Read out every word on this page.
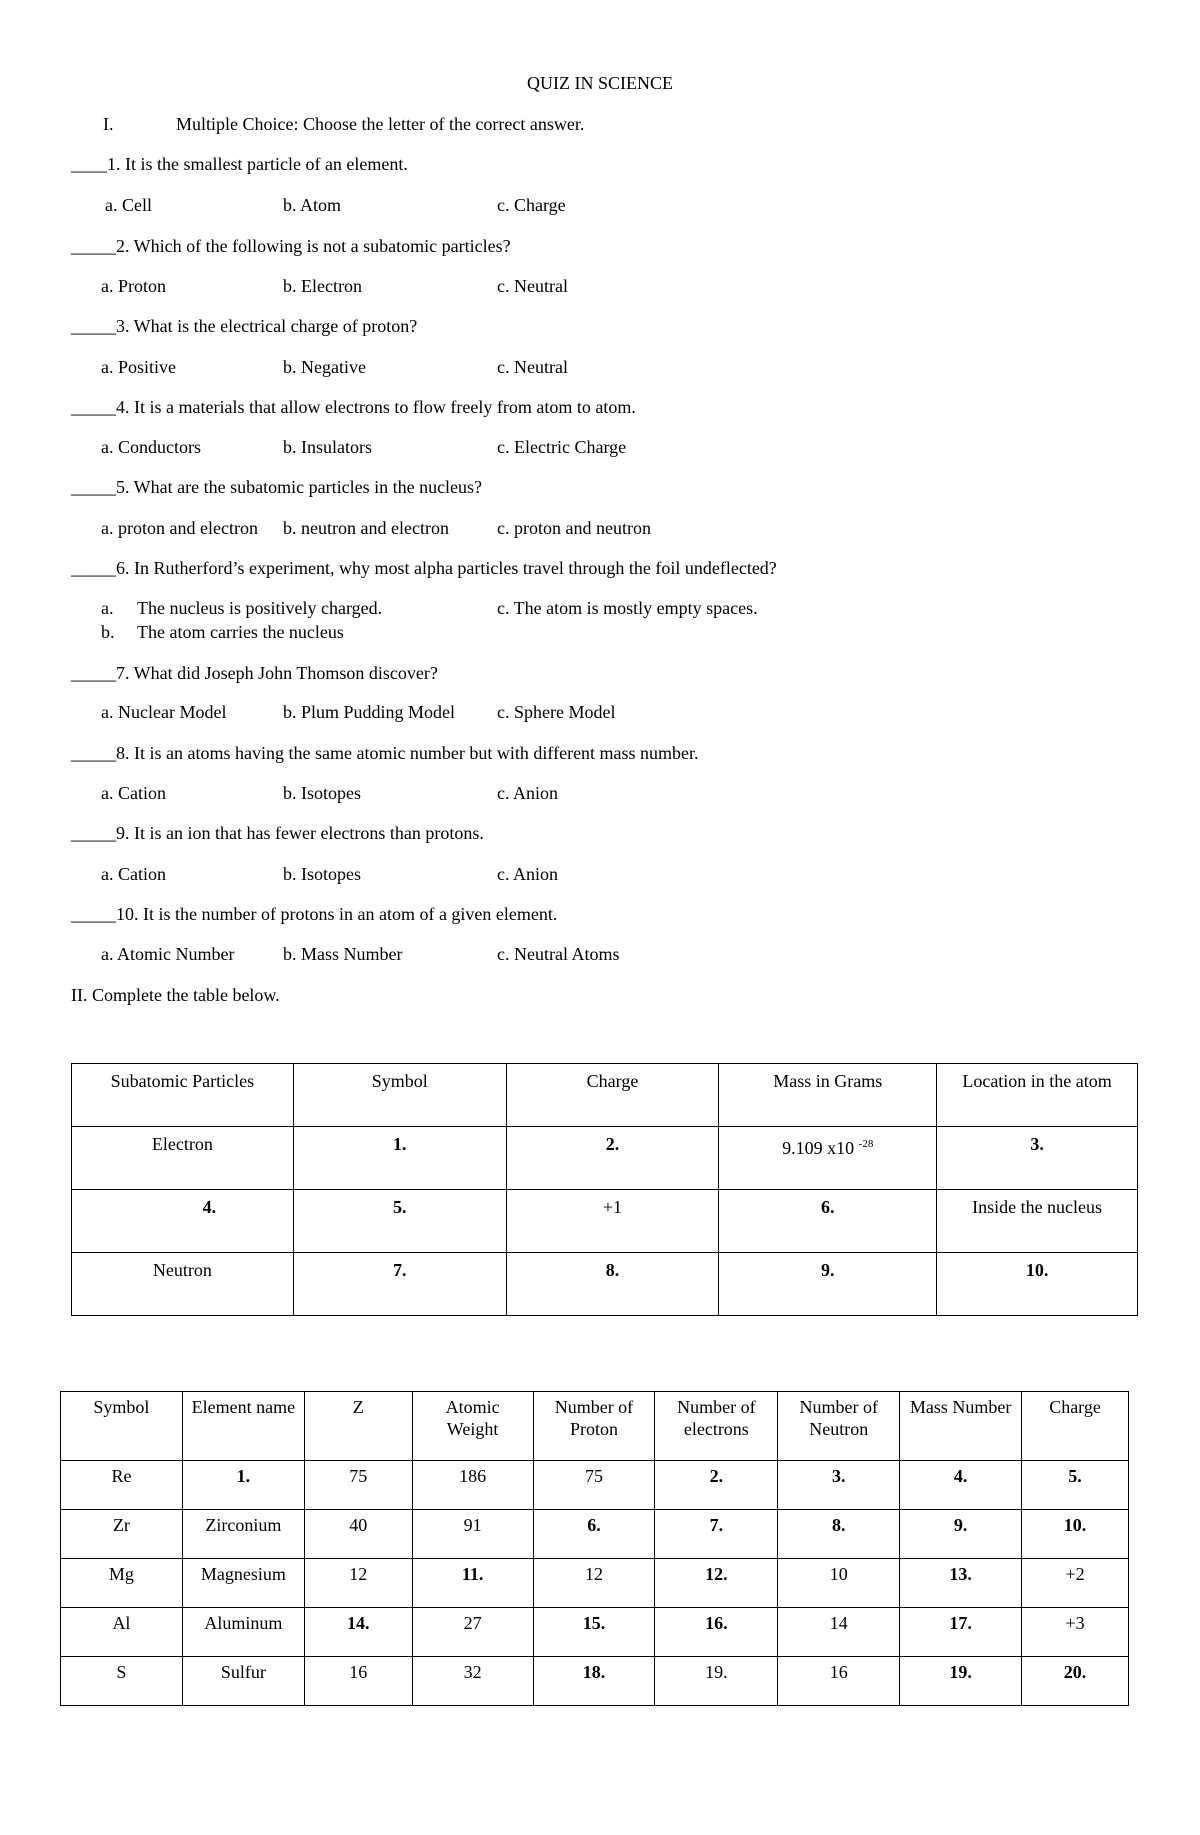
QUIZ IN SCIENCE
I.	Multiple Choice: Choose the letter of the correct answer.
____1. It is the smallest particle of an element.
a. Cell	b. Atom	c. Charge
_____2. Which of the following is not a subatomic particles?
a. Proton	b. Electron	c. Neutral
_____3. What is the electrical charge of proton?
a. Positive	b. Negative	c. Neutral
_____4. It is a materials that allow electrons to flow freely from atom to atom.
a. Conductors	b. Insulators	c. Electric Charge
_____5. What are the subatomic particles in the nucleus?
a. proton and electron b. neutron and electron	c. proton and neutron
_____6. In Rutherford’s experiment, why most alpha particles travel through the foil undeflected?
a. The nucleus is positively charged.	c. The atom is mostly empty spaces.
b. The atom carries the nucleus
_____7. What did Joseph John Thomson discover?
a. Nuclear Model	b. Plum Pudding Model c. Sphere Model
_____8. It is an atoms having the same atomic number but with different mass number.
a. Cation	b. Isotopes	c. Anion
_____9. It is an ion that has fewer electrons than protons.
a. Cation	b. Isotopes	c. Anion
_____10. It is the number of protons in an atom of a given element.
a. Atomic Number	b. Mass Number	c. Neutral Atoms
II. Complete the table below.
Subatomic Particles	Symbol	Charge	Mass in Grams	Location in the atom
Electron	1.	2.	9.109 x10 $^{-28}$	3.
4.	5.	+1	6.	Inside the nucleus
Neutron	7.	8.	9.	10.
Symbol	Element name	Z	Atomic Weight	Number of Proton	Number of electrons	Number of Neutron	Mass Number	Charge
Re	1.	75	186	75	2.	3.	4.	5.
Zr	Zirconium	40	91	6.	7.	8.	9.	10.
Mg	Magnesium	12	11.	12	12.	10	13.	+2
Al	Aluminum	14.	27	15.	16.	14	17.	+3
S	Sulfur	16	32	18.	19.	16	19.	20.
